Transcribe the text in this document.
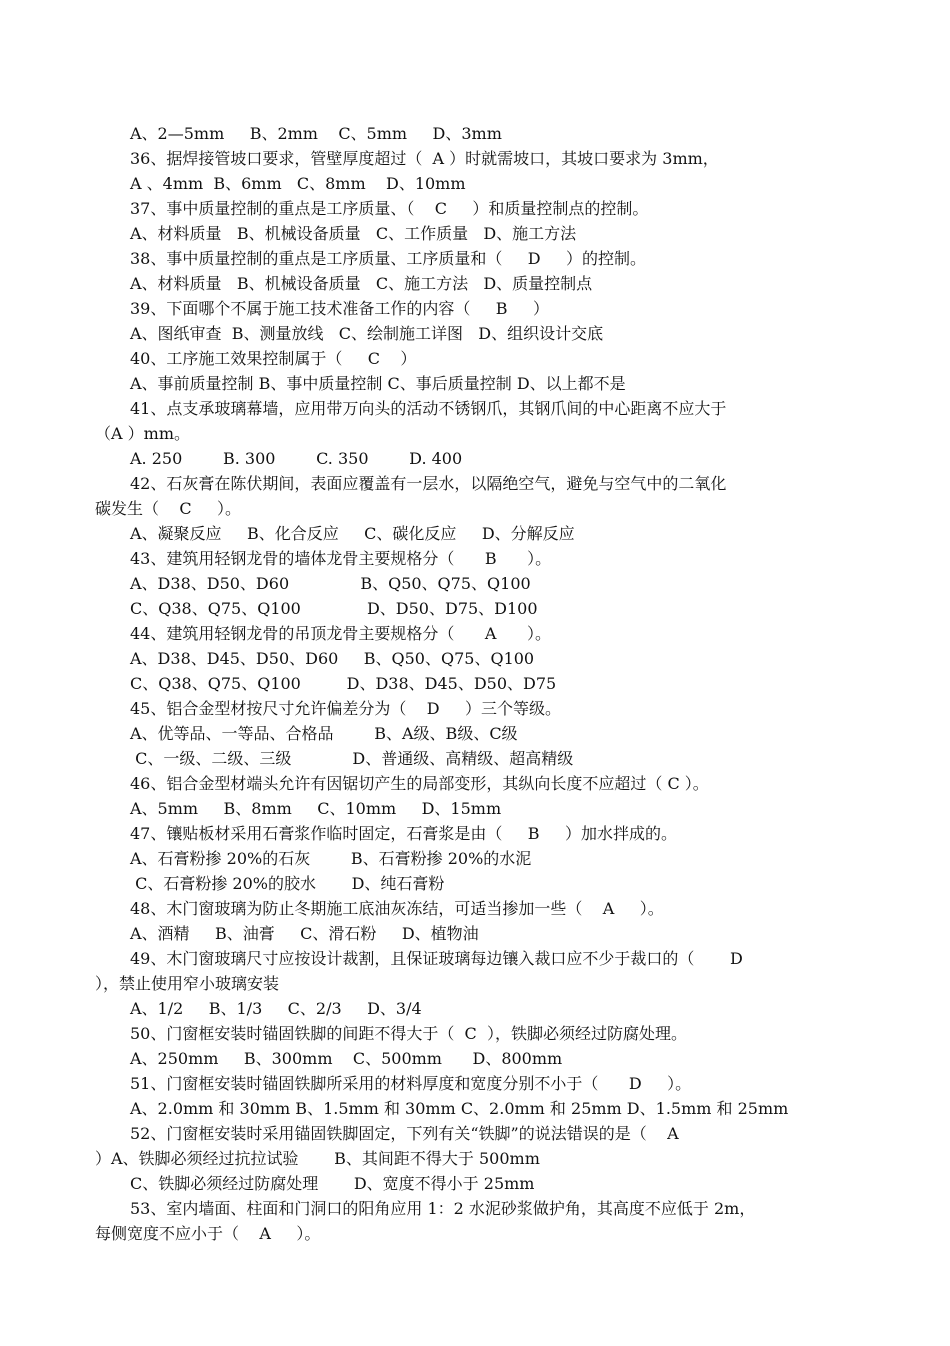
A、2—5mm     B、2mm    C、5mm     D、3mm
36、据焊接管坡口要求，管壁厚度超过（  A ）时就需坡口，其坡口要求为 3mm，
A 、4mm  B、6mm   C、8mm    D、10mm
37、事中质量控制的重点是工序质量、（    C     ）和质量控制点的控制。
A、材料质量   B、机械设备质量   C、工作质量   D、施工方法
38、事中质量控制的重点是工序质量、工序质量和（     D     ）的控制。
A、材料质量   B、机械设备质量   C、施工方法   D、质量控制点
39、下面哪个不属于施工技术准备工作的内容（     B     ）
A、图纸审查  B、测量放线   C、绘制施工详图   D、组织设计交底
40、工序施工效果控制属于（     C    ）
A、事前质量控制 B、事中质量控制 C、事后质量控制 D、以上都不是
41、点支承玻璃幕墙，应用带万向头的活动不锈钢爪，其钢爪间的中心距离不应大于
（A ）mm。
A. 250        B. 300        C. 350        D. 400
42、石灰膏在陈伏期间，表面应覆盖有一层水，以隔绝空气，避免与空气中的二氧化
碳发生（    C     ）。
A、凝聚反应     B、化合反应     C、碳化反应     D、分解反应
43、建筑用轻钢龙骨的墙体龙骨主要规格分（      B      ）。
A、D38、D50、D60              B、Q50、Q75、Q100
C、Q38、Q75、Q100             D、D50、D75、D100
44、建筑用轻钢龙骨的吊顶龙骨主要规格分（      A      ）。
A、D38、D45、D50、D60     B、Q50、Q75、Q100
C、Q38、Q75、Q100         D、D38、D45、D50、D75
45、铝合金型材按尺寸允许偏差分为（    D     ）三个等级。
A、优等品、一等品、合格品        B、A级、B级、C级
C、一级、二级、三级            D、普通级、高精级、超高精级
46、铝合金型材端头允许有因锯切产生的局部变形，其纵向长度不应超过（ C ）。
A、5mm     B、8mm     C、10mm     D、15mm
47、镶贴板材采用石膏浆作临时固定，石膏浆是由（     B     ）加水拌成的。
A、石膏粉掺 20%的石灰        B、石膏粉掺 20%的水泥
C、石膏粉掺 20%的胶水       D、纯石膏粉
48、木门窗玻璃为防止冬期施工底油灰冻结，可适当掺加一些（    A     ）。
A、酒精     B、油膏     C、滑石粉     D、植物油
49、木门窗玻璃尺寸应按设计裁割，且保证玻璃每边镶入裁口应不少于裁口的（       D
），禁止使用窄小玻璃安装
A、1/2     B、1/3     C、2/3     D、3/4
50、门窗框安装时锚固铁脚的间距不得大于（  C  ），铁脚必须经过防腐处理。
A、250mm     B、300mm    C、500mm      D、800mm
51、门窗框安装时锚固铁脚所采用的材料厚度和宽度分别不小于（      D     ）。
A、2.0mm 和 30mm B、1.5mm 和 30mm C、2.0mm 和 25mm D、1.5mm 和 25mm
52、门窗框安装时采用锚固铁脚固定，下列有关“铁脚”的说法错误的是（    A
）A、铁脚必须经过抗拉试验       B、其间距不得大于 500mm
C、铁脚必须经过防腐处理       D、宽度不得小于 25mm
53、室内墙面、柱面和门洞口的阳角应用 1：2 水泥砂浆做护角，其高度不应低于 2m，
每侧宽度不应小于（    A     ）。
